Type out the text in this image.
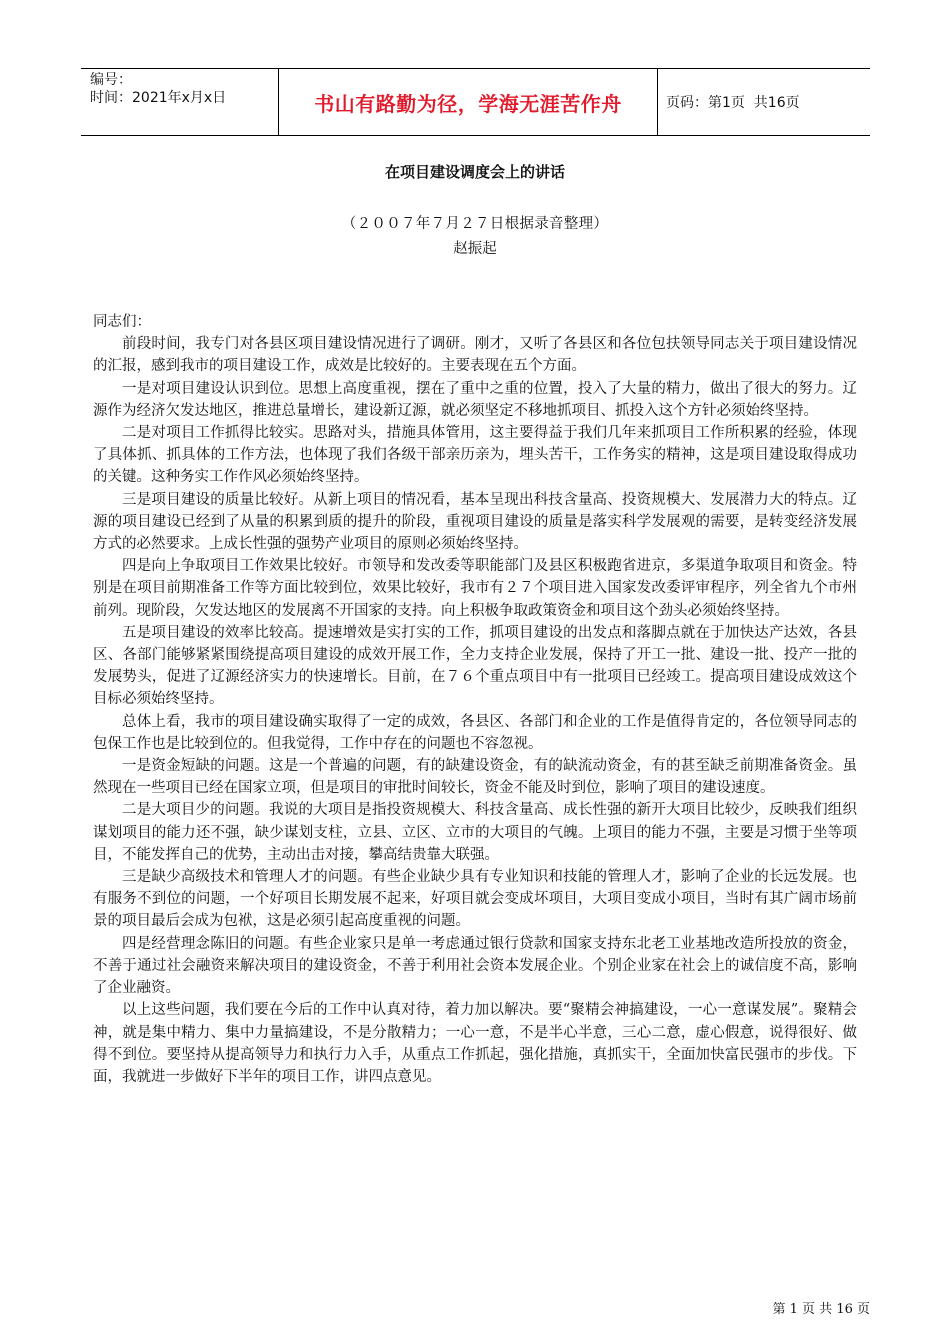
编号：
时间：2021年x月x日	书山有路勤为径，学海无涯苦作舟	页码：第1页  共16页
在项目建设调度会上的讲话
（２００７年７月２７日根据录音整理）
赵振起

同志们：

前段时间，我专门对各县区项目建设情况进行了调研。刚才，又听了各县区和各位包扶领导同志关于项目建设情况的汇报，感到我市的项目建设工作，成效是比较好的。主要表现在五个方面。

一是对项目建设认识到位。思想上高度重视，摆在了重中之重的位置，投入了大量的精力，做出了很大的努力。辽源作为经济欠发达地区，推进总量增长，建设新辽源，就必须坚定不移地抓项目、抓投入这个方针必须始终坚持。

二是对项目工作抓得比较实。思路对头，措施具体管用，这主要得益于我们几年来抓项目工作所积累的经验，体现了具体抓、抓具体的工作方法，也体现了我们各级干部亲历亲为，埋头苦干，工作务实的精神，这是项目建设取得成功的关键。这种务实工作作风必须始终坚持。

三是项目建设的质量比较好。从新上项目的情况看，基本呈现出科技含量高、投资规模大、发展潜力大的特点。辽源的项目建设已经到了从量的积累到质的提升的阶段，重视项目建设的质量是落实科学发展观的需要，是转变经济发展方式的必然要求。上成长性强的强势产业项目的原则必须始终坚持。

四是向上争取项目工作效果比较好。市领导和发改委等职能部门及县区积极跑省进京，多渠道争取项目和资金。特别是在项目前期准备工作等方面比较到位，效果比较好，我市有２７个项目进入国家发改委评审程序，列全省九个市州前列。现阶段，欠发达地区的发展离不开国家的支持。向上积极争取政策资金和项目这个劲头必须始终坚持。

五是项目建设的效率比较高。提速增效是实打实的工作，抓项目建设的出发点和落脚点就在于加快达产达效，各县区、各部门能够紧紧围绕提高项目建设的成效开展工作，全力支持企业发展，保持了开工一批、建设一批、投产一批的发展势头，促进了辽源经济实力的快速增长。目前，在７６个重点项目中有一批项目已经竣工。提高项目建设成效这个目标必须始终坚持。

总体上看，我市的项目建设确实取得了一定的成效，各县区、各部门和企业的工作是值得肯定的，各位领导同志的包保工作也是比较到位的。但我觉得，工作中存在的问题也不容忽视。

一是资金短缺的问题。这是一个普遍的问题，有的缺建设资金，有的缺流动资金，有的甚至缺乏前期准备资金。虽然现在一些项目已经在国家立项，但是项目的审批时间较长，资金不能及时到位，影响了项目的建设速度。

二是大项目少的问题。我说的大项目是指投资规模大、科技含量高、成长性强的新开大项目比较少，反映我们组织谋划项目的能力还不强，缺少谋划支柱，立县、立区、立市的大项目的气魄。上项目的能力不强，主要是习惯于坐等项目，不能发挥自己的优势，主动出击对接，攀高结贵靠大联强。

三是缺少高级技术和管理人才的问题。有些企业缺少具有专业知识和技能的管理人才，影响了企业的长远发展。也有服务不到位的问题，一个好项目长期发展不起来，好项目就会变成坏项目，大项目变成小项目，当时有其广阔市场前景的项目最后会成为包袱，这是必须引起高度重视的问题。

四是经营理念陈旧的问题。有些企业家只是单一考虑通过银行贷款和国家支持东北老工业基地改造所投放的资金，不善于通过社会融资来解决项目的建设资金，不善于利用社会资本发展企业。个别企业家在社会上的诚信度不高，影响了企业融资。

以上这些问题，我们要在今后的工作中认真对待，着力加以解决。要“聚精会神搞建设，一心一意谋发展”。聚精会神，就是集中精力、集中力量搞建设，不是分散精力；一心一意，不是半心半意，三心二意，虚心假意，说得很好、做得不到位。要坚持从提高领导力和执行力入手，从重点工作抓起，强化措施，真抓实干，全面加快富民强市的步伐。下面，我就进一步做好下半年的项目工作，讲四点意见。

第 1 页 共 16 页
